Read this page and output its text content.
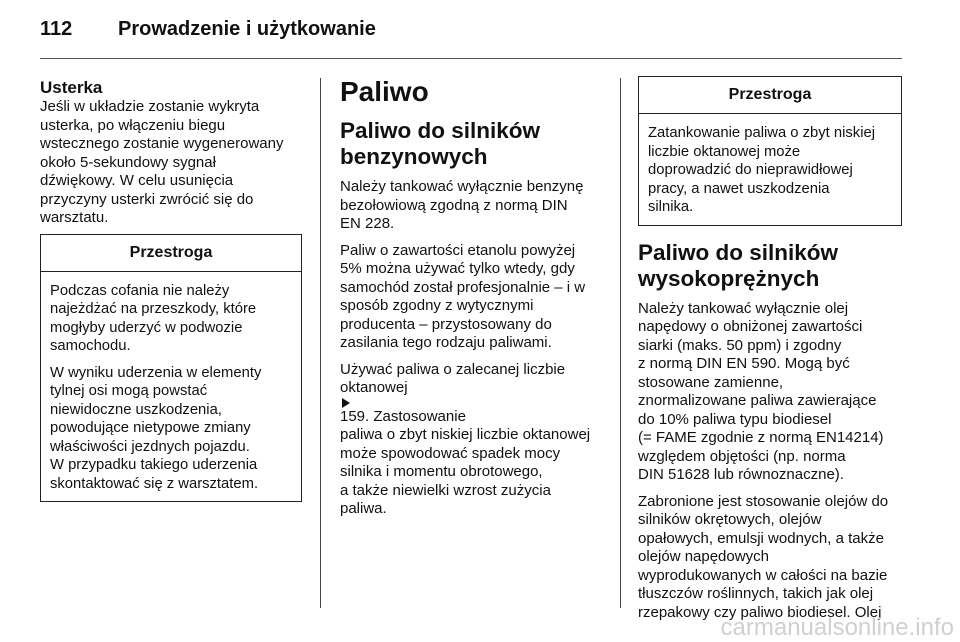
112 Prowadzenie i użytkowanie
Usterka
Jeśli w układzie zostanie wykryta
usterka, po włączeniu biegu
wstecznego zostanie wygenerowany
około 5-sekundowy sygnał
dźwiękowy. W celu usunięcia
przyczyny usterki zwrócić się do
warsztatu.
Przestroga

Podczas cofania nie należy
najeżdżać na przeszkody, które
mogłyby uderzyć w podwozie
samochodu.

W wyniku uderzenia w elementy
tylnej osi mogą powstać
niewidoczne uszkodzenia,
powodujące nietypowe zmiany
właściwości jezdnych pojazdu.
W przypadku takiego uderzenia
skontaktować się z warsztatem.

Paliwo
Paliwo do silników
benzynowych

Należy tankować wyłącznie benzynę
bezołowiową zgodną z normą DIN
EN 228.

Paliw o zawartości etanolu powyżej
5% można używać tylko wtedy, gdy
samochód został profesjonalnie – i w
sposób zgodny z wytycznymi
producenta – przystosowany do
zasilania tego rodzaju paliwami.

Używać paliwa o zalecanej liczbie
oktanowej
159. Zastosowanie
paliwa o zbyt niskiej liczbie oktanowej
może spowodować spadek mocy
silnika i momentu obrotowego,
a także niewielki wzrost zużycia
paliwa.

Przestroga
Zatankowanie paliwa o zbyt niskiej
liczbie oktanowej może
doprowadzić do nieprawidłowej
pracy, a nawet uszkodzenia
silnika.
Paliwo do silników
wysokoprężnych

Należy tankować wyłącznie olej
napędowy o obniżonej zawartości
siarki (maks. 50 ppm) i zgodny
z normą DIN EN 590. Mogą być
stosowane zamienne,
znormalizowane paliwa zawierające
do 10% paliwa typu biodiesel
(= FAME zgodnie z normą EN14214)
względem objętości (np. norma
DIN 51628 lub równoznaczne).

Zabronione jest stosowanie olejów do
silników okrętowych, olejów
opałowych, emulsji wodnych, a także
olejów napędowych
wyprodukowanych w całości na bazie
tłuszczów roślinnych, takich jak olej
rzepakowy czy paliwo biodiesel. Olej

carmanualsonline.info
